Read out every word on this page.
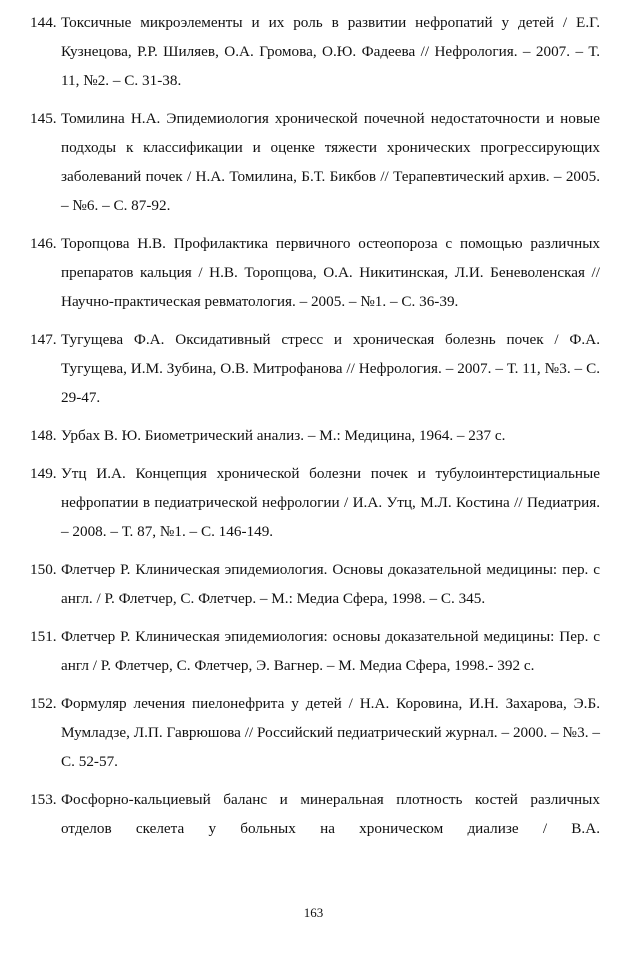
144. Токсичные микроэлементы и их роль в развитии нефропатий у детей / Е.Г. Кузнецова, Р.Р. Шиляев, О.А. Громова, О.Ю. Фадеева // Нефрология. – 2007. – Т. 11, №2. – С. 31-38.
145. Томилина Н.А. Эпидемиология хронической почечной недостаточности и новые подходы к классификации и оценке тяжести хронических прогрессирующих заболеваний почек / Н.А. Томилина, Б.Т. Бикбов // Терапевтический архив. – 2005. – №6. – С. 87-92.
146. Торопцова Н.В. Профилактика первичного остеопороза с помощью различных препаратов кальция / Н.В. Торопцова, О.А. Никитинская, Л.И. Беневоленская // Научно-практическая ревматология. – 2005. – №1. – С. 36-39.
147. Тугущева Ф.А. Оксидативный стресс и хроническая болезнь почек / Ф.А. Тугущева, И.М. Зубина, О.В. Митрофанова // Нефрология. – 2007. – Т. 11, №3. – С. 29-47.
148. Урбах В. Ю. Биометрический анализ. – М.: Медицина, 1964. – 237 с.
149. Утц И.А. Концепция хронической болезни почек и тубулоинтерстициальные нефропатии в педиатрической нефрологии / И.А. Утц, М.Л. Костина // Педиатрия. – 2008. – Т. 87, №1. – С. 146-149.
150. Флетчер Р. Клиническая эпидемиология. Основы доказательной медицины: пер. с англ. / Р. Флетчер, С. Флетчер. – М.: Медиа Сфера, 1998. – С. 345.
151. Флетчер Р. Клиническая эпидемиология: основы доказательной медицины: Пер. с англ / Р. Флетчер, С. Флетчер, Э. Вагнер. – М. Медиа Сфера, 1998.- 392 с.
152. Формуляр лечения пиелонефрита у детей / Н.А. Коровина, И.Н. Захарова, Э.Б. Мумладзе, Л.П. Гаврюшова // Российский педиатрический журнал. – 2000. – №3. – С. 52-57.
153. Фосфорно-кальциевый баланс и минеральная плотность костей различных отделов скелета у больных на хроническом диализе / В.А.
163
